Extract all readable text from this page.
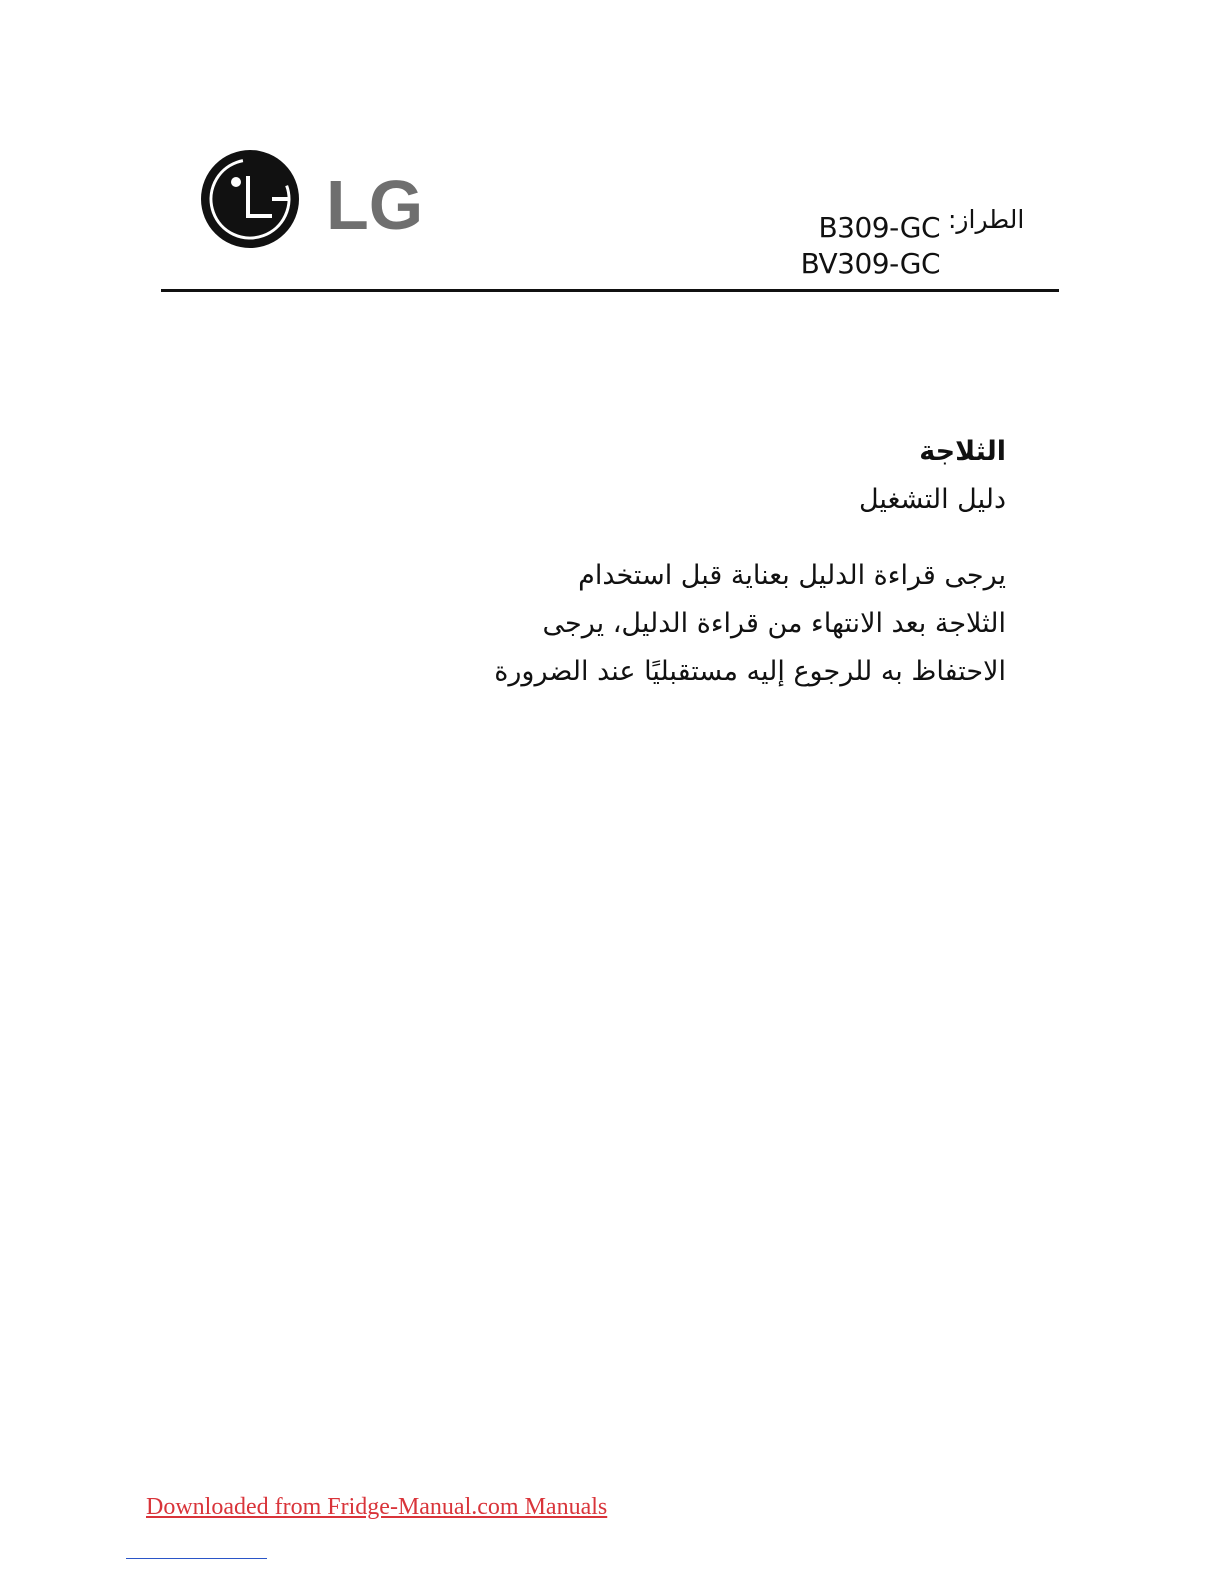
LG	الطراز:
B309-GC
BV309-GC
الثلاجة
دليل التشغيل
يرجى قراءة الدليل بعناية قبل استخدام
الثلاجة بعد الانتهاء من قراءة الدليل، يرجى
الاحتفاظ به للرجوع إليه مستقبليًا عند الضرورة
Downloaded from Fridge-Manual.com Manuals
